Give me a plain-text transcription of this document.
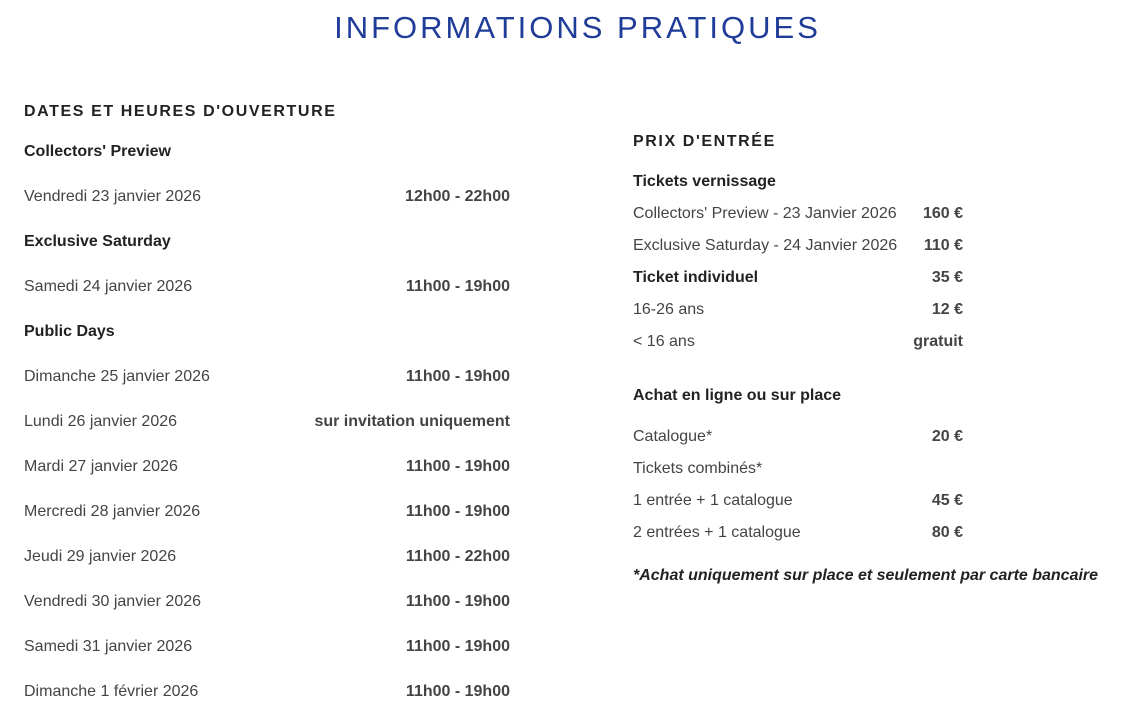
INFORMATIONS PRATIQUES
DATES ET HEURES D'OUVERTURE
Collectors' Preview
Vendredi 23 janvier 2026	12h00 - 22h00
Exclusive Saturday
Samedi 24 janvier 2026	11h00 - 19h00
Public Days
Dimanche 25 janvier 2026	11h00 - 19h00
Lundi 26 janvier 2026	sur invitation uniquement
Mardi 27 janvier 2026	11h00 - 19h00
Mercredi 28 janvier 2026	11h00 - 19h00
Jeudi 29 janvier 2026	11h00 - 22h00
Vendredi 30 janvier 2026	11h00 - 19h00
Samedi 31 janvier 2026	11h00 - 19h00
Dimanche 1 février 2026	11h00 - 19h00
PRIX D'ENTRÉE
Tickets vernissage
Collectors' Preview - 23 Janvier 2026 160 €
Exclusive Saturday - 24 Janvier 2026 110 €
Ticket individuel	35 €
16-26 ans	12 €
< 16 ans	gratuit
Achat en ligne ou sur place
Catalogue*	20 €
Tickets combinés*
1 entrée + 1 catalogue	45 €
2 entrées + 1 catalogue	80 €
*Achat uniquement sur place et seulement par carte bancaire
